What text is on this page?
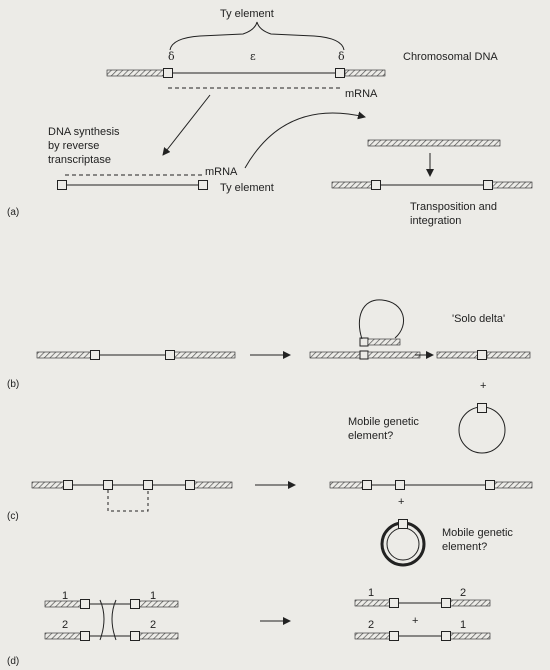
Ty element
δ	ε	δ	Chromosomal DNA
mRNA
DNA synthesis
by reverse
transcriptase
mRNA
Ty element
Transposition and
integration
(a)
'Solo delta'
+
Mobile genetic
element?
(b)
+
Mobile genetic
element?
(c)
1	1
2	2
1	2
2	1
+
(d)
